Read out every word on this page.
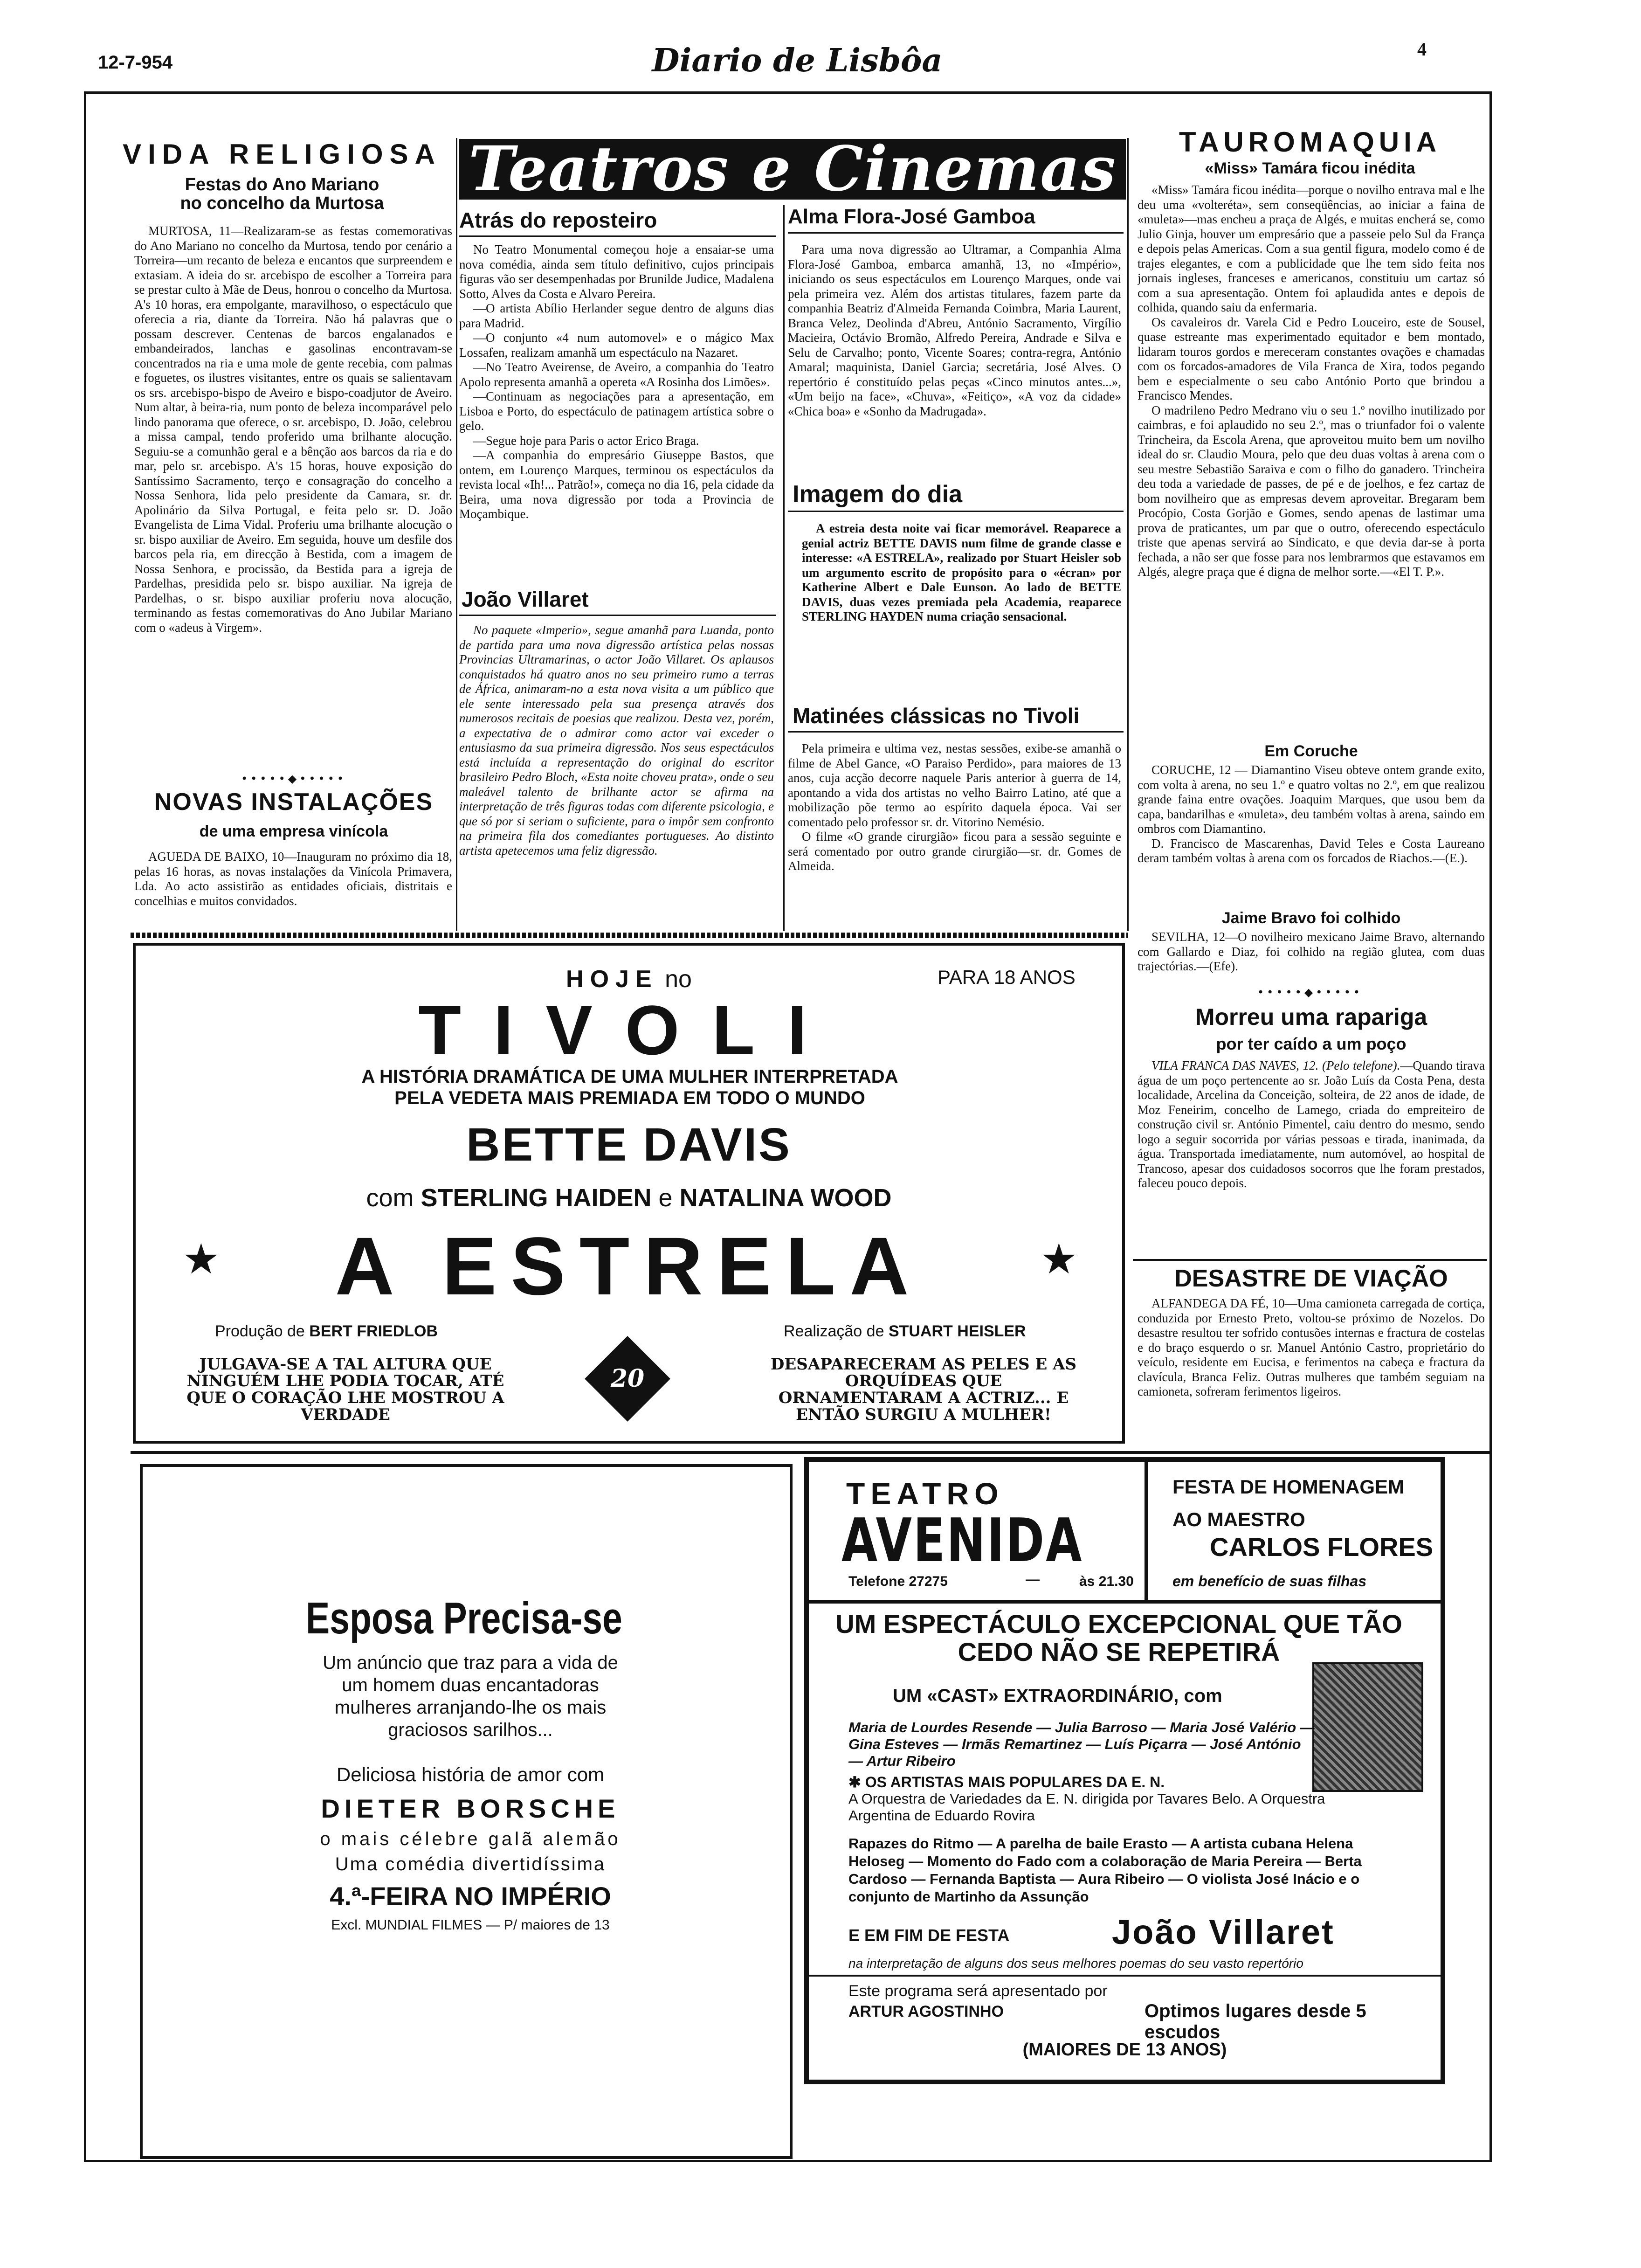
12-7-954	Diario de Lisbôa	4
VIDA RELIGIOSA
Festas do Ano Mariano no concelho da Murtosa

MURTOSA, 11—Realizaram-se as festas comemorativas do Ano Mariano no concelho da Murtosa, tendo por cenário a Torreira—um recanto de beleza e encantos que surpreendem e extasiam. A ideia do sr. arcebispo de escolher a Torreira para se prestar culto à Mãe de Deus, honrou o concelho da Murtosa. A's 10 horas, era empolgante, maravilhoso, o espectáculo que oferecia a ria, diante da Torreira. Não há palavras que o possam descrever. Centenas de barcos engalanados e embandeirados, lanchas e gasolinas encontravam-se concentrados na ria e uma mole de gente recebia, com palmas e foguetes, os ilustres visitantes, entre os quais se salientavam os srs. arcebispo-bispo de Aveiro e bispo-coadjutor de Aveiro. Num altar, à beira-ria, num ponto de beleza incomparável pelo lindo panorama que oferece, o sr. arcebispo, D. João, celebrou a missa campal, tendo proferido uma brilhante alocução. Seguiu-se a comunhão geral e a bênção aos barcos da ria e do mar, pelo sr. arcebispo. A's 15 horas, houve exposição do Santíssimo Sacramento, terço e consagração do concelho a Nossa Senhora, lida pelo presidente da Camara, sr. dr. Apolinário da Silva Portugal, e feita pelo sr. D. João Evangelista de Lima Vidal. Proferiu uma brilhante alocução o sr. bispo auxiliar de Aveiro. Em seguida, houve um desfile dos barcos pela ria, em direcção à Bestida, com a imagem de Nossa Senhora, e procissão, da Bestida para a igreja de Pardelhas, presidida pelo sr. bispo auxiliar. Na igreja de Pardelhas, o sr. bispo auxiliar proferiu nova alocução, terminando as festas comemorativas do Ano Jubilar Mariano com o «adeus à Virgem».

•••••◆•••••
NOVAS INSTALAÇÕES
de uma empresa vinícola

AGUEDA DE BAIXO, 10—Inauguram no próximo dia 18, pelas 16 horas, as novas instalações da Vinícola Primavera, Lda. Ao acto assistirão as entidades oficiais, distritais e concelhias e muitos convidados.

Teatros e Cinemas
Atrás do reposteiro

No Teatro Monumental começou hoje a ensaiar-se uma nova comédia, ainda sem título definitivo, cujos principais figuras vão ser desempenhadas por Brunilde Judice, Madalena Sotto, Alves da Costa e Alvaro Pereira.

—O artista Abílio Herlander segue dentro de alguns dias para Madrid.

—O conjunto «4 num automovel» e o mágico Max Lossafen, realizam amanhã um espectáculo na Nazaret.

—No Teatro Aveirense, de Aveiro, a companhia do Teatro Apolo representa amanhã a opereta «A Rosinha dos Limões».

—Continuam as negociações para a apresentação, em Lisboa e Porto, do espectáculo de patinagem artística sobre o gelo.

—Segue hoje para Paris o actor Erico Braga.

—A companhia do empresário Giuseppe Bastos, que ontem, em Lourenço Marques, terminou os espectáculos da revista local «Ih!... Patrão!», começa no dia 16, pela cidade da Beira, uma nova digressão por toda a Provincia de Moçambique.

João Villaret

No paquete «Imperio», segue amanhã para Luanda, ponto de partida para uma nova digressão artística pelas nossas Provincias Ultramarinas, o actor João Villaret. Os aplausos conquistados há quatro anos no seu primeiro rumo a terras de África, animaram-no a esta nova visita a um público que ele sente interessado pela sua presença através dos numerosos recitais de poesias que realizou. Desta vez, porém, a expectativa de o admirar como actor vai exceder o entusiasmo da sua primeira digressão. Nos seus espectáculos está incluída a representação do original do escritor brasileiro Pedro Bloch, «Esta noite choveu prata», onde o seu maleável talento de brilhante actor se afirma na interpretação de três figuras todas com diferente psicologia, e que só por si seriam o suficiente, para o impôr sem confronto na primeira fila dos comediantes portugueses. Ao distinto artista apetecemos uma feliz digressão.

Alma Flora-José Gamboa

Para uma nova digressão ao Ultramar, a Companhia Alma Flora-José Gamboa, embarca amanhã, 13, no «Império», iniciando os seus espectáculos em Lourenço Marques, onde vai pela primeira vez. Além dos artistas titulares, fazem parte da companhia Beatriz d'Almeida Fernanda Coimbra, Maria Laurent, Branca Velez, Deolinda d'Abreu, António Sacramento, Virgílio Macieira, Octávio Bromão, Alfredo Pereira, Andrade e Silva e Selu de Carvalho; ponto, Vicente Soares; contra-regra, António Amaral; maquinista, Daniel Garcia; secretária, José Alves. O repertório é constituído pelas peças «Cinco minutos antes...», «Um beijo na face», «Chuva», «Feitiço», «A voz da cidade» «Chica boa» e «Sonho da Madrugada».

Imagem do dia

A estreia desta noite vai ficar memorável. Reaparece a genial actriz BETTE DAVIS num filme de grande classe e interesse: «A ESTRELA», realizado por Stuart Heisler sob um argumento escrito de propósito para o «écran» por Katherine Albert e Dale Eunson. Ao lado de BETTE DAVIS, duas vezes premiada pela Academia, reaparece STERLING HAYDEN numa criação sensacional.

Matinées clássicas no Tivoli

Pela primeira e ultima vez, nestas sessões, exibe-se amanhã o filme de Abel Gance, «O Paraiso Perdido», para maiores de 13 anos, cuja acção decorre naquele Paris anterior à guerra de 14, apontando a vida dos artistas no velho Bairro Latino, até que a mobilização põe termo ao espírito daquela época. Vai ser comentado pelo professor sr. dr. Vitorino Nemésio.

O filme «O grande cirurgião» ficou para a sessão seguinte e será comentado por outro grande cirurgião—sr. dr. Gomes de Almeida.

TAUROMAQUIA
«Miss» Tamára ficou inédita

«Miss» Tamára ficou inédita—porque o novilho entrava mal e lhe deu uma «volteréta», sem conseqüências, ao iniciar a faina de «muleta»—mas encheu a praça de Algés, e muitas encherá se, como Julio Ginja, houver um empresário que a passeie pelo Sul da França e depois pelas Americas. Com a sua gentil figura, modelo como é de trajes elegantes, e com a publicidade que lhe tem sido feita nos jornais ingleses, franceses e americanos, constituiu um cartaz só com a sua apresentação. Ontem foi aplaudida antes e depois de colhida, quando saiu da enfermaria.

Os cavaleiros dr. Varela Cid e Pedro Louceiro, este de Sousel, quase estreante mas experimentado equitador e bem montado, lidaram touros gordos e mereceram constantes ovações e chamadas com os forcados-amadores de Vila Franca de Xira, todos pegando bem e especialmente o seu cabo António Porto que brindou a Francisco Mendes.

O madrileno Pedro Medrano viu o seu 1.º novilho inutilizado por caimbras, e foi aplaudido no seu 2.º, mas o triunfador foi o valente Trincheira, da Escola Arena, que aproveitou muito bem um novilho ideal do sr. Claudio Moura, pelo que deu duas voltas à arena com o seu mestre Sebastião Saraiva e com o filho do ganadero. Trincheira deu toda a variedade de passes, de pé e de joelhos, e fez cartaz de bom novilheiro que as empresas devem aproveitar. Bregaram bem Procópio, Costa Gorjão e Gomes, sendo apenas de lastimar uma prova de praticantes, um par que o outro, oferecendo espectáculo triste que apenas servirá ao Sindicato, e que devia dar-se à porta fechada, a não ser que fosse para nos lembrarmos que estavamos em Algés, alegre praça que é digna de melhor sorte.—«El T. P.».

Em Coruche

CORUCHE, 12 — Diamantino Viseu obteve ontem grande exito, com volta à arena, no seu 1.º e quatro voltas no 2.º, em que realizou grande faina entre ovações. Joaquim Marques, que usou bem da capa, bandarilhas e «muleta», deu também voltas à arena, saindo em ombros com Diamantino.

D. Francisco de Mascarenhas, David Teles e Costa Laureano deram também voltas à arena com os forcados de Riachos.—(E.).

Jaime Bravo foi colhido

SEVILHA, 12—O novilheiro mexicano Jaime Bravo, alternando com Gallardo e Diaz, foi colhido na região glutea, com duas trajectórias.—(Efe).

•••••◆•••••
Morreu uma rapariga
por ter caído a um poço

VILA FRANCA DAS NAVES, 12. (Pelo telefone).—Quando tirava água de um poço pertencente ao sr. João Luís da Costa Pena, desta localidade, Arcelina da Conceição, solteira, de 22 anos de idade, de Moz Feneirim, concelho de Lamego, criada do empreiteiro de construção civil sr. António Pimentel, caiu dentro do mesmo, sendo logo a seguir socorrida por várias pessoas e tirada, inanimada, da água. Transportada imediatamente, num automóvel, ao hospital de Trancoso, apesar dos cuidadosos socorros que lhe foram prestados, faleceu pouco depois.

DESASTRE DE VIAÇÃO

ALFANDEGA DA FÉ, 10—Uma camioneta carregada de cortiça, conduzida por Ernesto Preto, voltou-se próximo de Nozelos. Do desastre resultou ter sofrido contusões internas e fractura de costelas e do braço esquerdo o sr. Manuel António Castro, proprietário do veículo, residente em Eucisa, e ferimentos na cabeça e fractura da clavícula, Branca Feliz. Outras mulheres que também seguiam na camioneta, sofreram ferimentos ligeiros.

HOJE no	PARA 18 ANOS
TIVOLI
A HISTÓRIA DRAMÁTICA DE UMA MULHER INTERPRETADA PELA VEDETA MAIS PREMIADA EM TODO O MUNDO
BETTE DAVIS
com STERLING HAIDEN e NATALINA WOOD
★	★
A ESTRELA
Produção de BERT FRIEDLOB	Realização de STUART HEISLER
JULGAVA-SE A TAL ALTURA QUE NINGUÉM LHE PODIA TOCAR, ATÉ QUE O CORAÇÃO LHE MOSTROU A VERDADE
20	DESAPARECERAM AS PELES E AS ORQUÍDEAS QUE ORNAMENTARAM A ACTRIZ... E ENTÃO SURGIU A MULHER!
Esposa Precisa-se
Um anúncio que traz para a vida de um homem duas encantadoras mulheres arranjando-lhe os mais graciosos sarilhos...
Deliciosa história de amor com
DIETER BORSCHE
o mais célebre galã alemão
Uma comédia divertidíssima
4.ª-FEIRA NO IMPÉRIO
Excl. MUNDIAL FILMES — P/ maiores de 13
TEATRO
AVENIDA
Telefone 27275	—	às 21.30
FESTA DE HOMENAGEM
AO MAESTRO
CARLOS FLORES
em benefício de suas filhas
UM ESPECTÁCULO EXCEPCIONAL QUE TÃO CEDO NÃO SE REPETIRÁ
UM «CAST» EXTRAORDINÁRIO, com
Maria de Lourdes Resende — Julia Barroso — Maria José Valério — Gina Esteves — Irmãs Remartinez — Luís Piçarra — José António — Artur Ribeiro
✱ OS ARTISTAS MAIS POPULARES DA E. N.
A Orquestra de Variedades da E. N. dirigida por Tavares Belo. A Orquestra Argentina de Eduardo Rovira
Rapazes do Ritmo — A parelha de baile Erasto — A artista cubana Helena Heloseg — Momento do Fado com a colaboração de Maria Pereira — Berta Cardoso — Fernanda Baptista — Aura Ribeiro — O violista José Inácio e o conjunto de Martinho da Assunção
E EM FIM DE FESTA	João Villaret
na interpretação de alguns dos seus melhores poemas do seu vasto repertório
Este programa será apresentado por
ARTUR AGOSTINHO	Optimos lugares desde 5 escudos
(MAIORES DE 13 ANOS)
